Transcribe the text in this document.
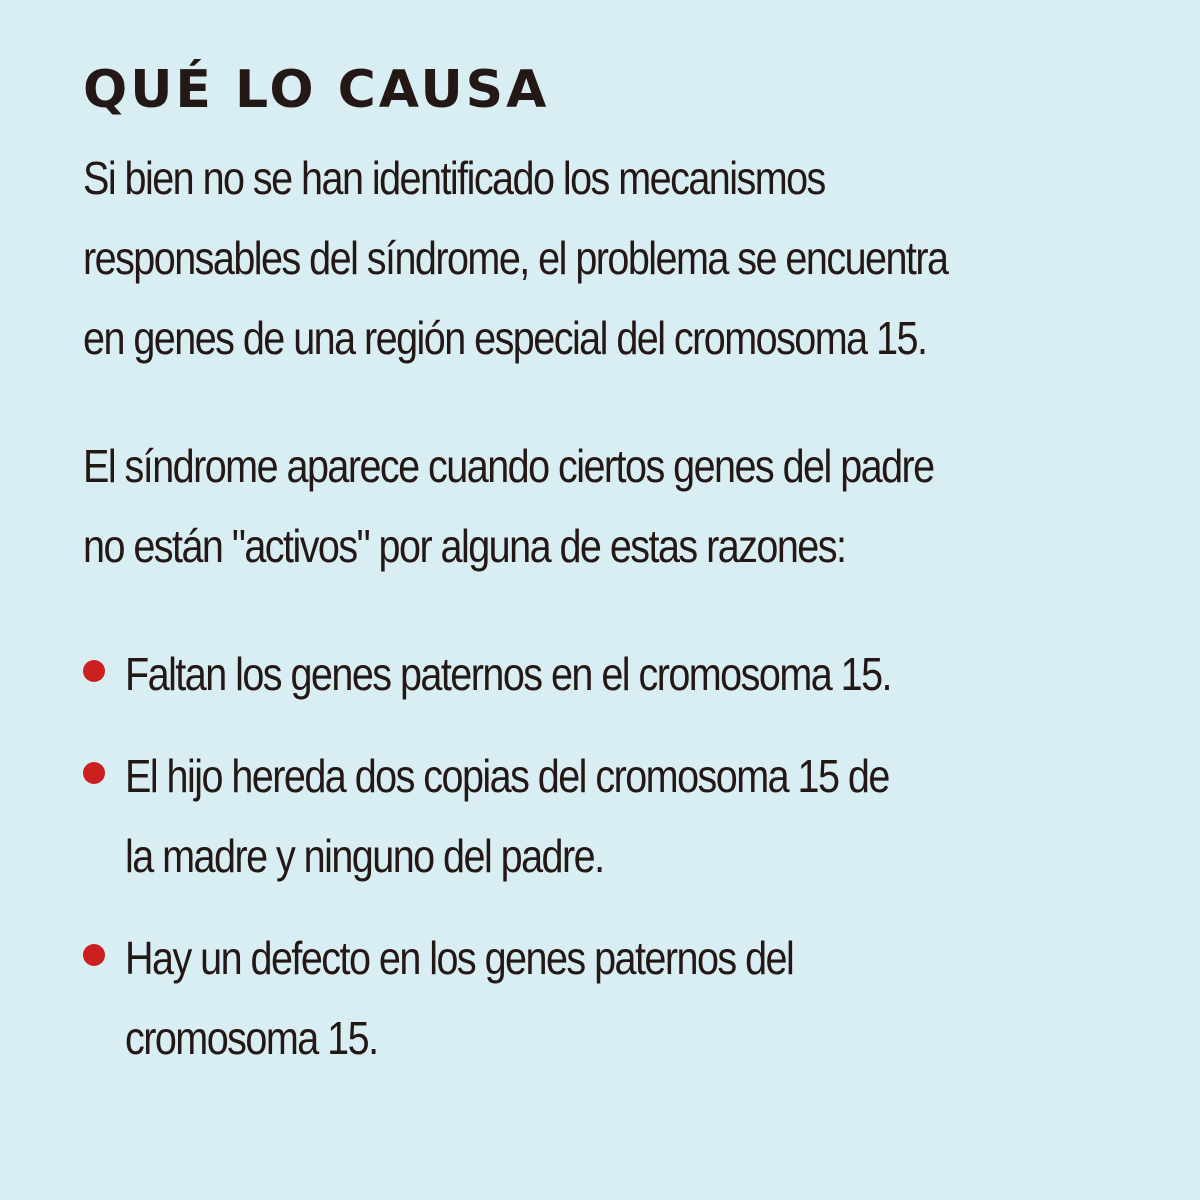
QUÉ LO CAUSA

Si bien no se han identificado los mecanismos
responsables del síndrome, el problema se encuentra
en genes de una región especial del cromosoma 15.

El síndrome aparece cuando ciertos genes del padre
no están "activos" por alguna de estas razones:

Faltan los genes paternos en el cromosoma 15.
El hijo hereda dos copias del cromosoma 15 de
la madre y ninguno del padre.
Hay un defecto en los genes paternos del
cromosoma 15.
